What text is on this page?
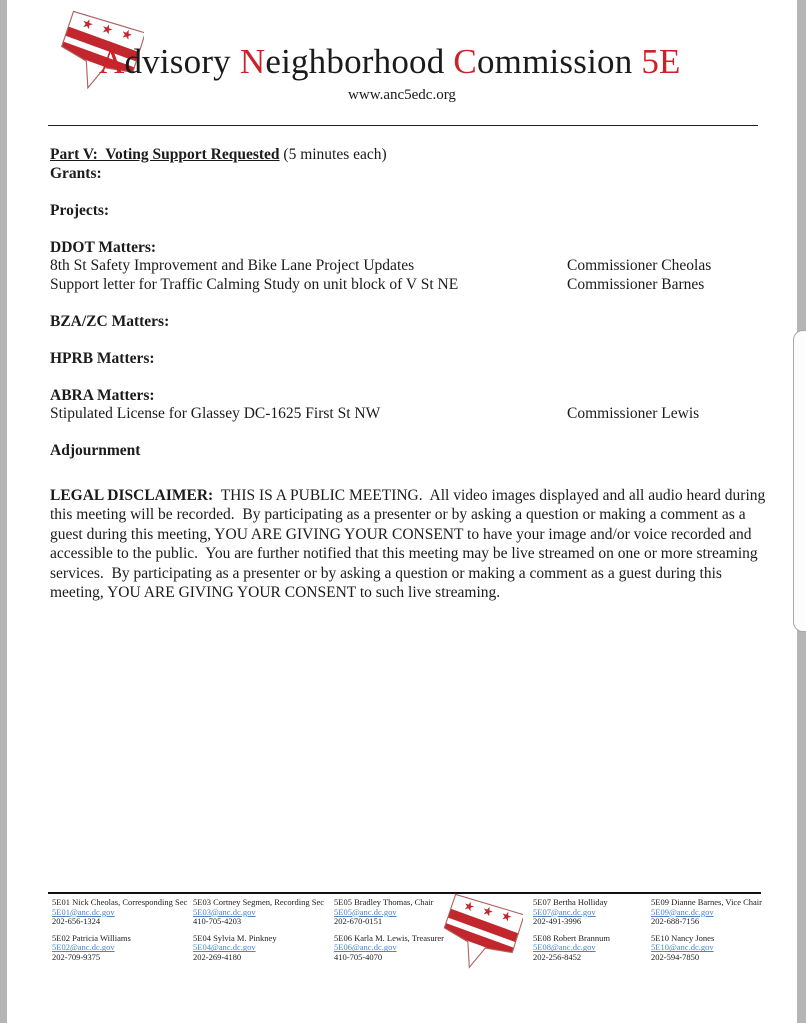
Advisory Neighborhood Commission 5E
www.anc5edc.org
Part V:  Voting Support Requested (5 minutes each)
Grants:
Projects:
DDOT Matters:
8th St Safety Improvement and Bike Lane Project Updates	Commissioner Cheolas
Support letter for Traffic Calming Study on unit block of V St NE	Commissioner Barnes
BZA/ZC Matters:
HPRB Matters:
ABRA Matters:
Stipulated License for Glassey DC-1625 First St NW	Commissioner Lewis
Adjournment

LEGAL DISCLAIMER:  THIS IS A PUBLIC MEETING.  All video images displayed and all audio heard during this meeting will be recorded.  By participating as a presenter or by asking a question or making a comment as a guest during this meeting, YOU ARE GIVING YOUR CONSENT to have your image and/or voice recorded and accessible to the public.  You are further notified that this meeting may be live streamed on one or more streaming services.  By participating as a presenter or by asking a question or making a comment as a guest during this meeting, YOU ARE GIVING YOUR CONSENT to such live streaming.

5E01 Nick Cheolas, Corresponding Sec
5E01@anc.dc.gov
202-656-1324
5E02 Patricia Williams
5E02@anc.dc.gov
202-709-9375
5E03 Cortney Segmen, Recording Sec
5E03@anc.dc.gov
410-705-4203
5E04 Sylvia M. Pinkney
5E04@anc.dc.gov
202-269-4180
5E05 Bradley Thomas, Chair
5E05@anc.dc.gov
202-670-0151
5E06 Karla M. Lewis, Treasurer
5E06@anc.dc.gov
410-705-4070
5E07 Bertha Holliday
5E07@anc.dc.gov
202-491-3996
5E08 Robert Brannum
5E08@anc.dc.gov
202-256-8452
5E09 Dianne Barnes, Vice Chair
5E09@anc.dc.gov
202-688-7156
5E10 Nancy Jones
5E10@anc.dc.gov
202-594-7850
